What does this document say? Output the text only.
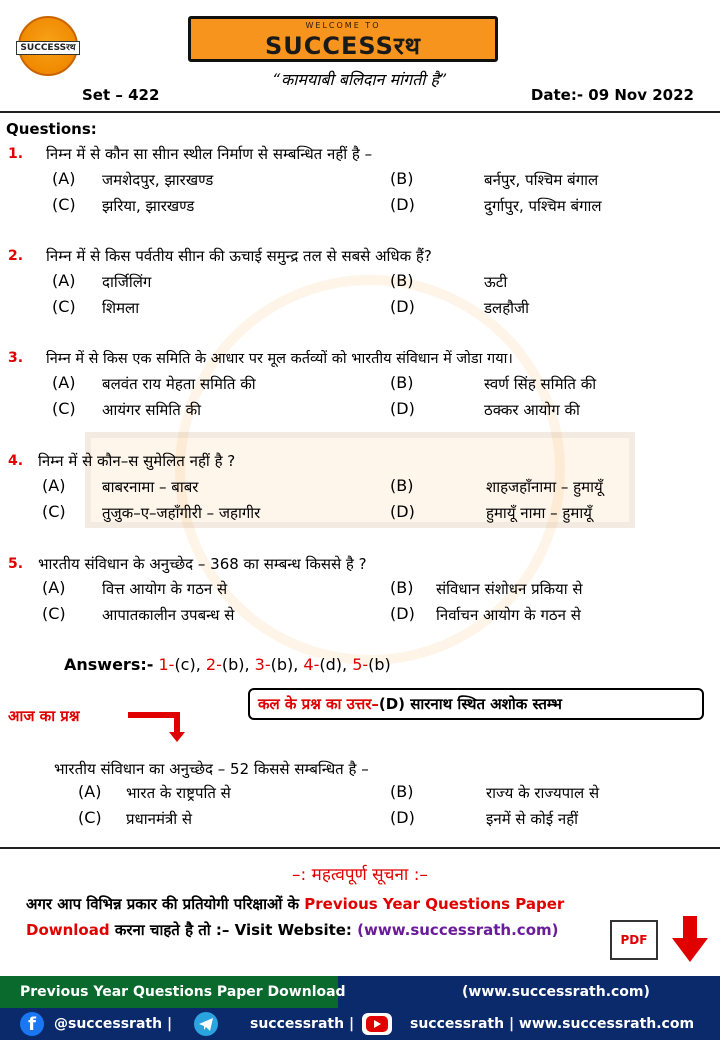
SUCCESSरथ
WELCOME TO
SUCCESSरथ
“कामयाबी बलिदान मांगती है”
Set – 422	Date:- 09 Nov 2022
Questions:
1. निम्न में से कौन सा सीान स्थील निर्माण से सम्बन्धित नहीं है –
(A) जमशेदपुर, झारखण्ड	(B)	बर्नपुर, पश्चिम बंगाल
(C) झरिया, झारखण्ड	(D)	दुर्गापुर, पश्चिम बंगाल
2. निम्न में से किस पर्वतीय सीान की ऊचाई समुन्द्र तल से सबसे अधिक हैं?
(A) दार्जिलिंग	(B)	ऊटी
(C) शिमला	(D)	डलहौजी
3. निम्न में से किस एक समिति के आधार पर मूल कर्तव्यों को भारतीय संविधान में जोडा गया।
(A) बलवंत राय मेहता समिति की	(B)	स्वर्ण सिंह समिति की
(C) आयंगर समिति की	(D)	ठक्कर आयोग की
4. निम्न में से कौन–स सुमेलित नहीं है ?
(A) बाबरनामा – बाबर	(B)	शाहजहाँनामा – हुमायूँ
(C) तुजुक–ए–जहाँगीरी – जहागीर	(D)	हुमायूँ नामा – हुमायूँ
5. भारतीय संविधान के अनुच्छेद – 368 का सम्बन्ध किससे है ?
(A) वित्त आयोग के गठन से	(B) संविधान संशोधन प्रकिया से
(C) आपातकालीन उपबन्ध से	(D) निर्वाचन आयोग के गठन से
Answers:- 1-(c), 2-(b), 3-(b), 4-(d), 5-(b)
कल के प्रश्न का उत्तर–(D) सारनाथ स्थित अशोक स्तम्भ
आज का प्रश्न
भारतीय संविधान का अनुच्छेद – 52 किससे सम्बन्धित है –
(A) भारत के राष्ट्रपति से	(B)	राज्य के राज्यपाल से
(C) प्रधानमंत्री से	(D)	इनमें से कोई नहीं
–: महत्वपूर्ण सूचना :–
अगर आप विभिन्न प्रकार की प्रतियोगी परिक्षाओं के Previous Year Questions Paper
Download करना चाहते है तो :– Visit Website: (www.successrath.com)
PDF
Previous Year Questions Paper Download	(www.successrath.com)
f	@successrath |	successrath |	successrath | www.successrath.com
